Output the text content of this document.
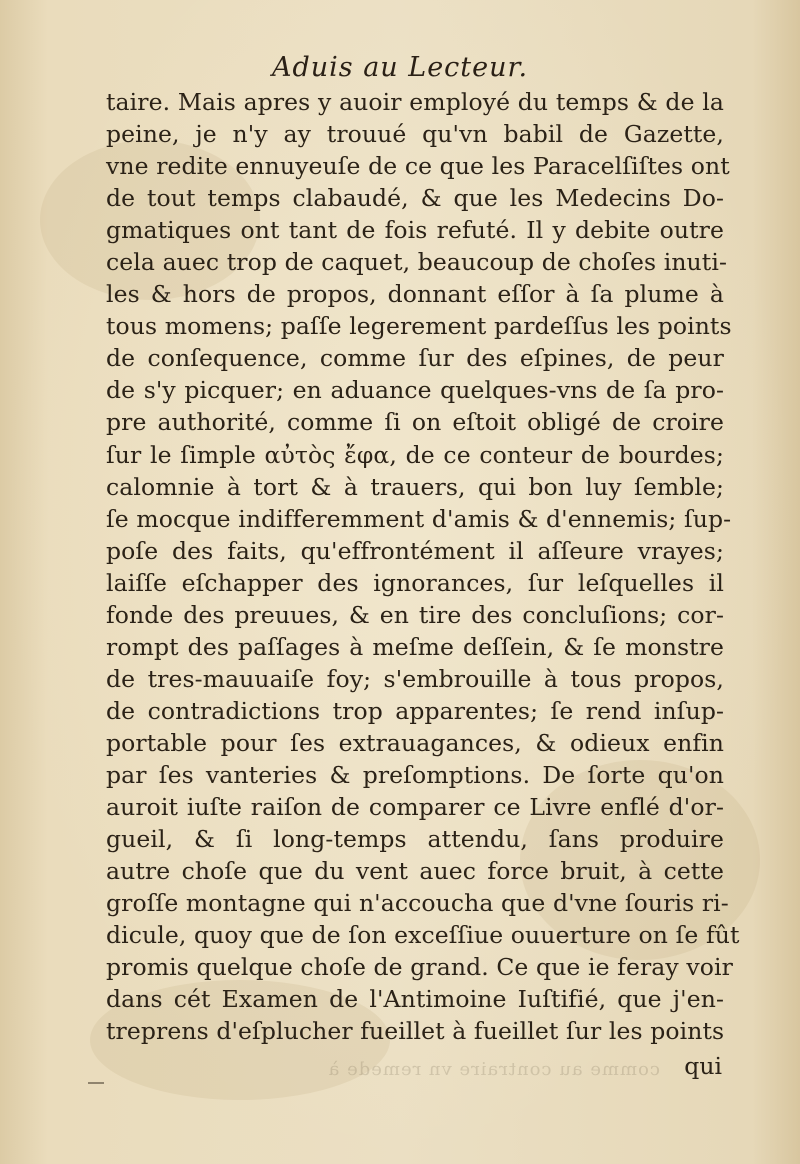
Aduis au Lecteur.
taire. Mais apres y auoir employé du temps & de la
peine, je n'y ay trouué qu'vn babil de Gazette,
vne redite ennuyeuſe de ce que les Paracelſiſtes ont
de tout temps clabaudé, & que les Medecins Do-
gmatiques ont tant de fois refuté. Il y debite outre
cela auec trop de caquet, beaucoup de choſes inuti-
les & hors de propos, donnant eſſor à ſa plume à
tous momens; paſſe legerement pardeſſus les points
de conſequence, comme ſur des eſpines, de peur
de s'y picquer; en aduance quelques-vns de ſa pro-
pre authorité, comme ſi on eſtoit obligé de croire
ſur le ſimple αὐτὸς ἔφα, de ce conteur de bourdes;
calomnie à tort & à trauers, qui bon luy ſemble;
ſe mocque indifferemment d'amis & d'ennemis; ſup-
poſe des faits, qu'effrontément il aſſeure vrayes;
laiſſe eſchapper des ignorances, ſur leſquelles il
fonde des preuues, & en tire des concluſions; cor-
rompt des paſſages à meſme deſſein, & ſe monstre
de tres-mauuaiſe foy; s'embrouille à tous propos,
de contradictions trop apparentes; ſe rend inſup-
portable pour ſes extrauagances, & odieux enfin
par ſes vanteries & preſomptions. De ſorte qu'on
auroit iuſte raiſon de comparer ce Livre enflé d'or-
gueil, & ſi long-temps attendu, ſans produire
autre choſe que du vent auec force bruit, à cette
groſſe montagne qui n'accoucha que d'vne ſouris ri-
dicule, quoy que de ſon exceſſiue ouuerture on ſe fût
promis quelque choſe de grand. Ce que ie feray voir
dans cét Examen de l'Antimoine Iuſtifié, que j'en-
treprens d'eſplucher fueillet à fueillet ſur les points
comme au contraire vn remede à qui
